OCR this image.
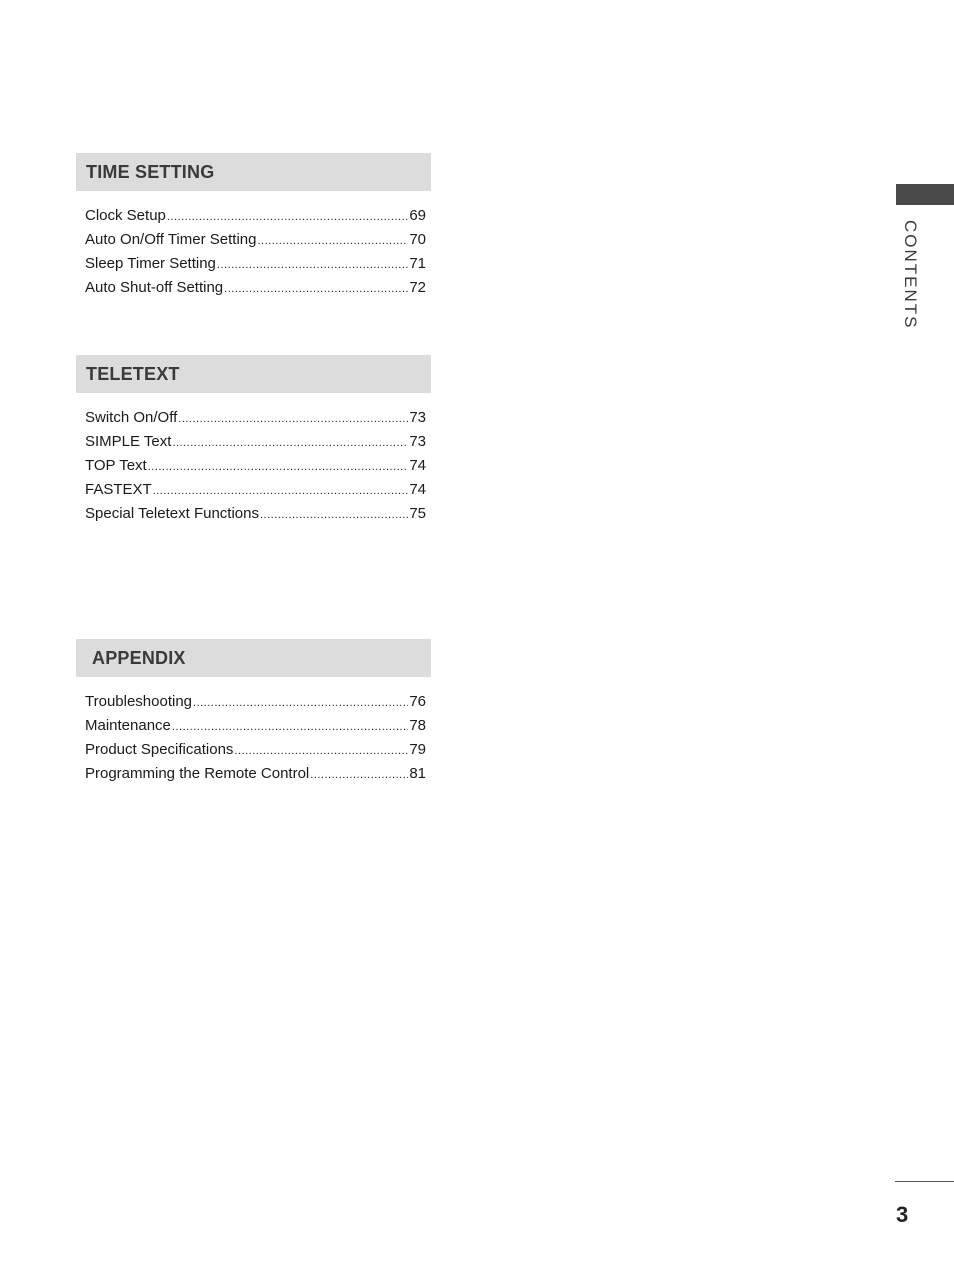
TIME SETTING
Clock Setup .....	69
Auto On/Off Timer Setting .....	70
Sleep Timer Setting .....	71
Auto Shut-off Setting .....	72
TELETEXT
Switch On/Off .....	73
SIMPLE Text .....	73
TOP Text .....	74
FASTEXT .....	74
Special Teletext Functions .....	75
APPENDIX
Troubleshooting .....	76
Maintenance .....	78
Product Specifications .....	79
Programming the Remote Control .....	81
CONTENTS
3
